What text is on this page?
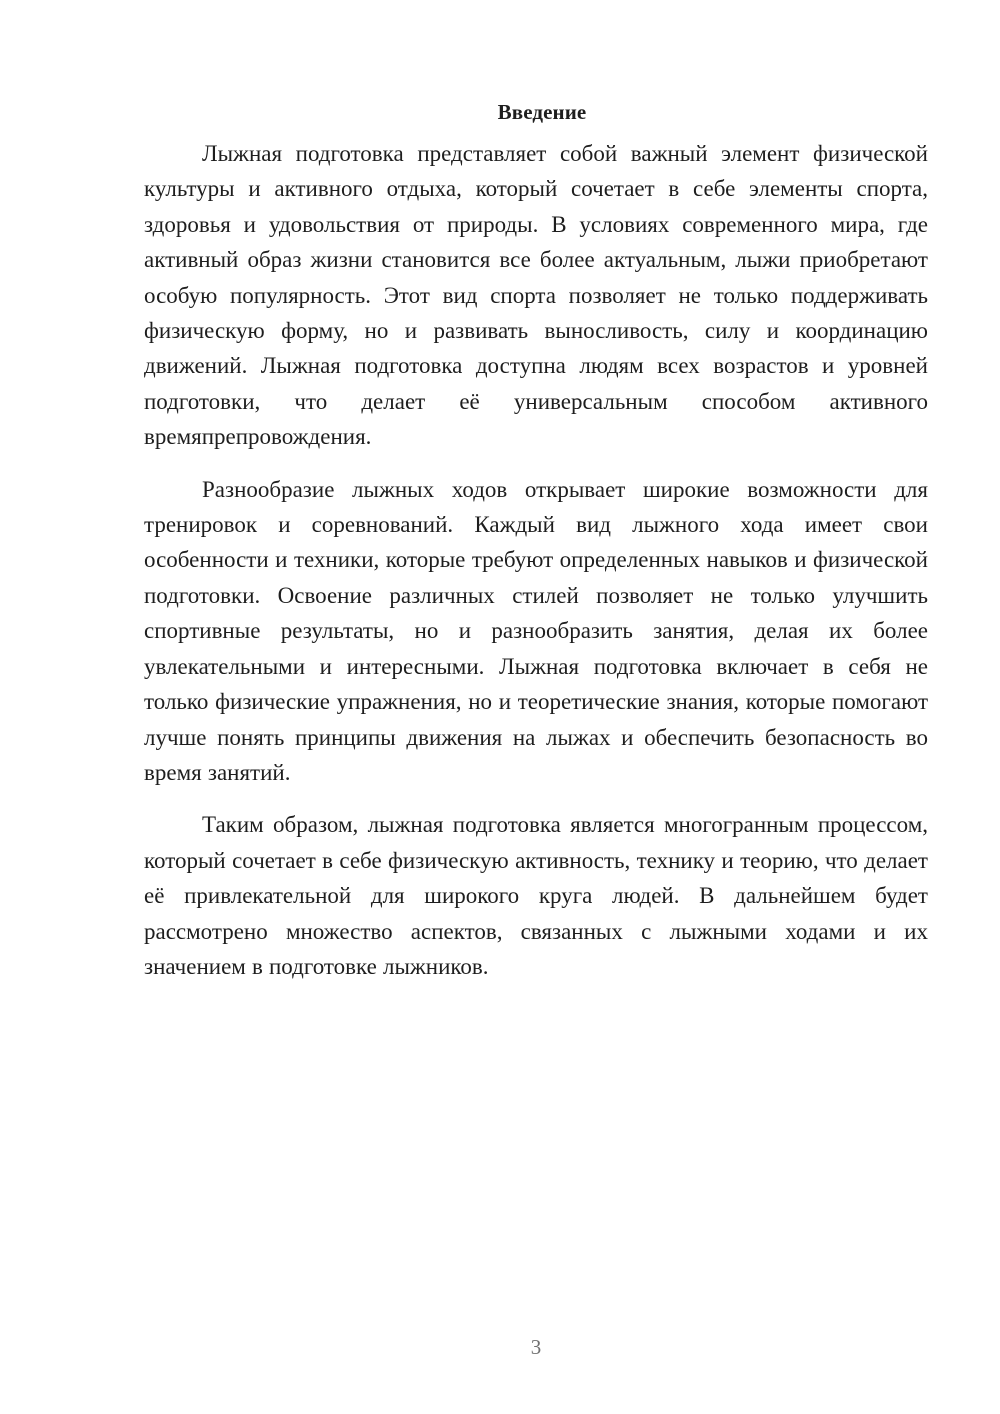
Введение

Лыжная подготовка представляет собой важный элемент физической культуры и активного отдыха, который сочетает в себе элементы спорта, здоровья и удовольствия от природы. В условиях современного мира, где активный образ жизни становится все более актуальным, лыжи приобретают особую популярность. Этот вид спорта позволяет не только поддерживать физическую форму, но и развивать выносливость, силу и координацию движений. Лыжная подготовка доступна людям всех возрастов и уровней подготовки, что делает её универсальным способом активного времяпрепровождения.

Разнообразие лыжных ходов открывает широкие возможности для тренировок и соревнований. Каждый вид лыжного хода имеет свои особенности и техники, которые требуют определенных навыков и физической подготовки. Освоение различных стилей позволяет не только улучшить спортивные результаты, но и разнообразить занятия, делая их более увлекательными и интересными. Лыжная подготовка включает в себя не только физические упражнения, но и теоретические знания, которые помогают лучше понять принципы движения на лыжах и обеспечить безопасность во время занятий.

Таким образом, лыжная подготовка является многогранным процессом, который сочетает в себе физическую активность, технику и теорию, что делает её привлекательной для широкого круга людей. В дальнейшем будет рассмотрено множество аспектов, связанных с лыжными ходами и их значением в подготовке лыжников.

3
